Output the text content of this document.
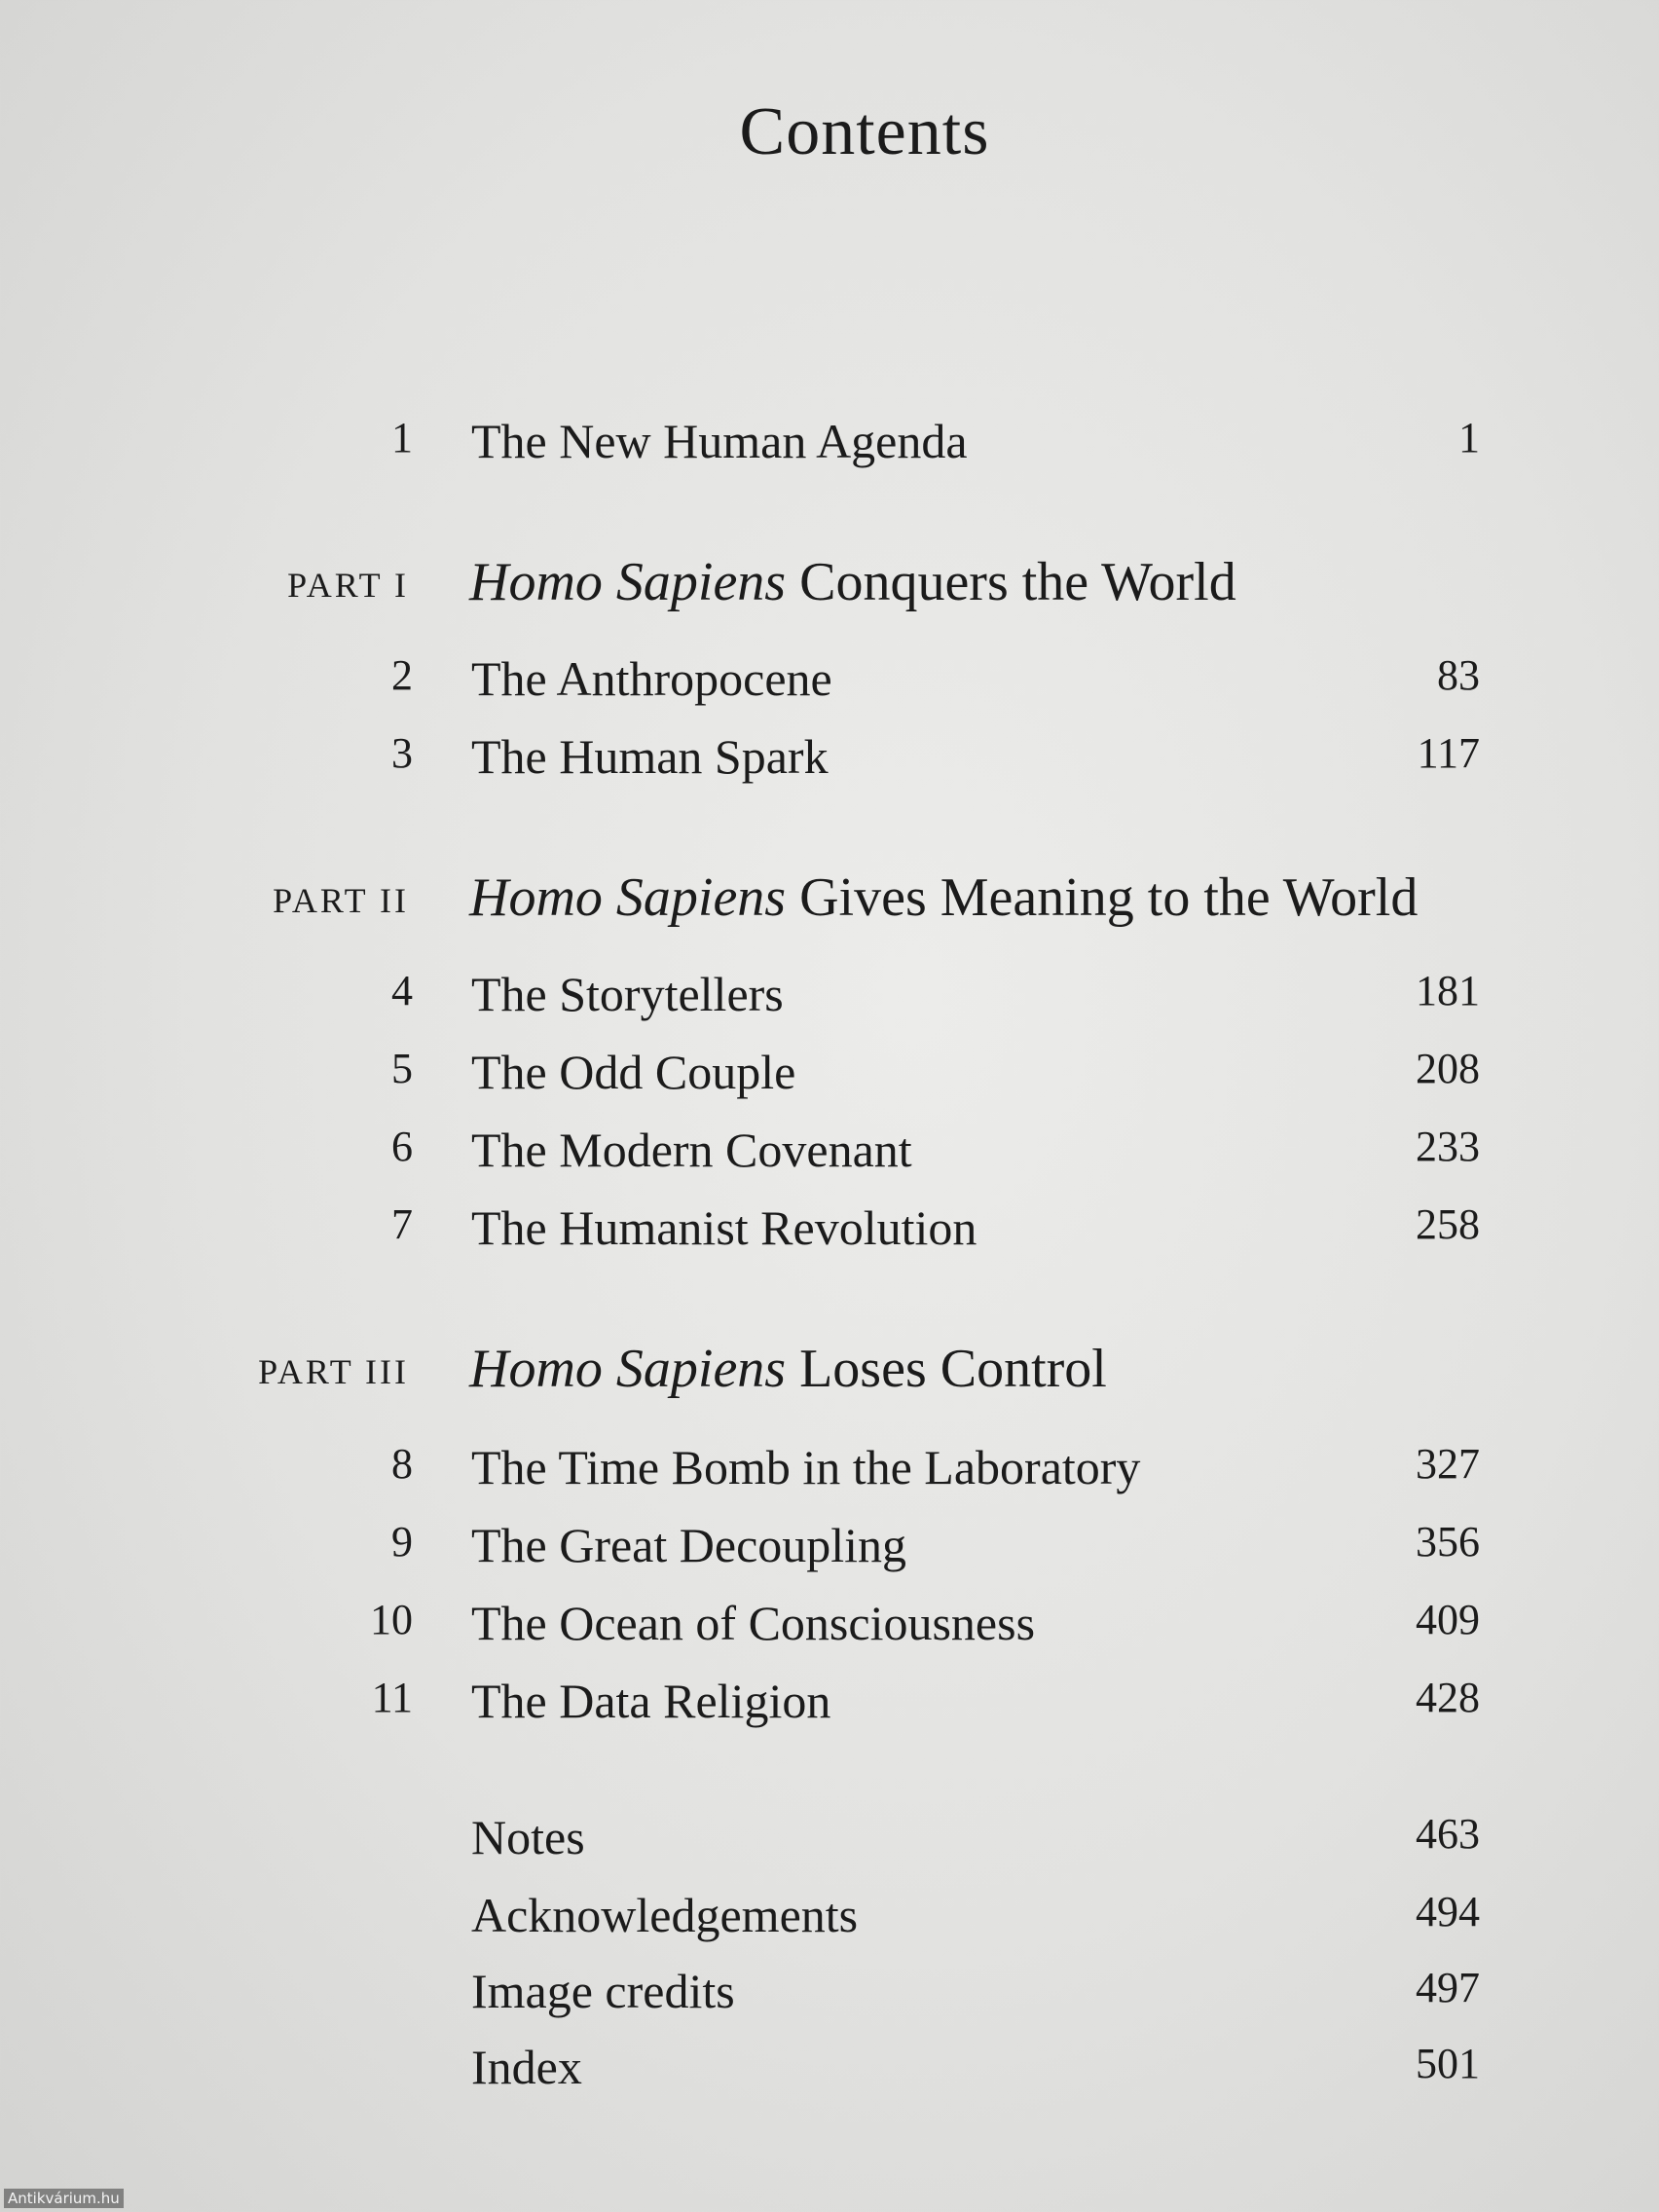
Contents
1 The New Human Agenda	1
PART I Homo Sapiens Conquers the World
2 The Anthropocene	83
3 The Human Spark	117
PART II Homo Sapiens Gives Meaning to the World
4 The Storytellers	181
5 The Odd Couple	208
6 The Modern Covenant	233
7 The Humanist Revolution	258
PART III Homo Sapiens Loses Control
8 The Time Bomb in the Laboratory	327
9 The Great Decoupling	356
10 The Ocean of Consciousness	409
11 The Data Religion	428
Notes	463
Acknowledgements	494
Image credits	497
Index	501
Antikvárium.hu
